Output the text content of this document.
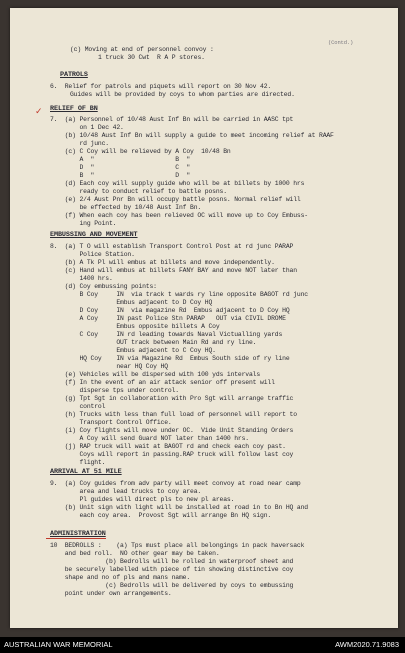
(Contd.)
(c) Moving at end of personnel convoy :
1 truck 30 Cwt  R A P stores.
PATROLS
6.  Relief for patrols and piquets will report on 30 Nov 42.
Guides will be provided by coys to whom parties are directed.
✓ RELIEF OF BN
7.  (a) Personnel of 10/48 Aust Inf Bn will be carried in AASC tpt
on 1 Dec 42.
(b) 10/48 Aust Inf Bn will supply a guide to meet incoming relief at RAAF
rd junc.
(c) C Coy will be relieved by A Coy  10/48 Bn
A  "                      B  "
D  "                      C  "
B  "                      D  "
(d) Each coy will supply guide who will be at billets by 1000 hrs
ready to conduct relief to battle posns.
(e) 2/4 Aust Pnr Bn will occupy battle posns. Normal relief will
be effected by 10/48 Aust Inf Bn.
(f) When each coy has been relieved OC will move up to Coy Embuss-
ing Point.
EMBUSSING AND MOVEMENT
8.  (a) T O will establish Transport Control Post at rd junc PARAP
Police Station.
(b) A Tk Pl will embus at billets and move independently.
(c) Hand will embus at billets FANY BAY and move NOT later than
1400 hrs.
(d) Coy embussing points:
B Coy     IN  via track t wards ry line opposite BAGOT rd junc
Embus adjacent to D Coy HQ
D Coy     IN  via magazine Rd  Embus adjacent to D Coy HQ
A Coy     IN past Police Stn PARAP   OUT via CIVIL DROME
Embus opposite billets A Coy
C Coy     IN rd leading towards Naval Victualling yards
OUT track between Main Rd and ry line.
Embus adjacent to C Coy HQ.
HQ Coy    IN via Magazine Rd  Embus South side of ry line
near HQ Coy HQ
(e) Vehicles will be dispersed with 100 yds intervals
(f) In the event of an air attack senior off present will
disperse tps under control.
(g) Tpt Sgt in collaboration with Pro Sgt will arrange traffic
control
(h) Trucks with less than full load of personnel will report to
Transport Control Office.
(i) Coy flights will move under OC.  Vide Unit Standing Orders
A Coy will send Guard NOT later than 1400 hrs.
(j) RAP truck will wait at BAGOT rd and check each coy past.
Coys will report in passing.RAP truck will follow last coy
flight.
ARRIVAL AT 51 MILE
9.  (a) Coy guides from adv party will meet convoy at road near camp
area and lead trucks to coy area.
Pl guides will direct pls to new pl areas.
(b) Unit sign with light will be installed at road in to Bn HQ and
each coy area.  Provost Sgt will arrange Bn HQ sign.
ADMINISTRATION
10  BEDROLLS :    (a) Tps must place all belongings in pack haversack
and bed roll.  NO other gear may be taken.
(b) Bedrolls will be rolled in waterproof sheet and
be securely labelled with piece of tin showing distinctive coy
shape and no of pls and mans name.
(c) Bedrolls will be delivered by coys to embussing
point under own arrangements.
AUSTRALIAN WAR MEMORIAL	AWM2020.71.9083
